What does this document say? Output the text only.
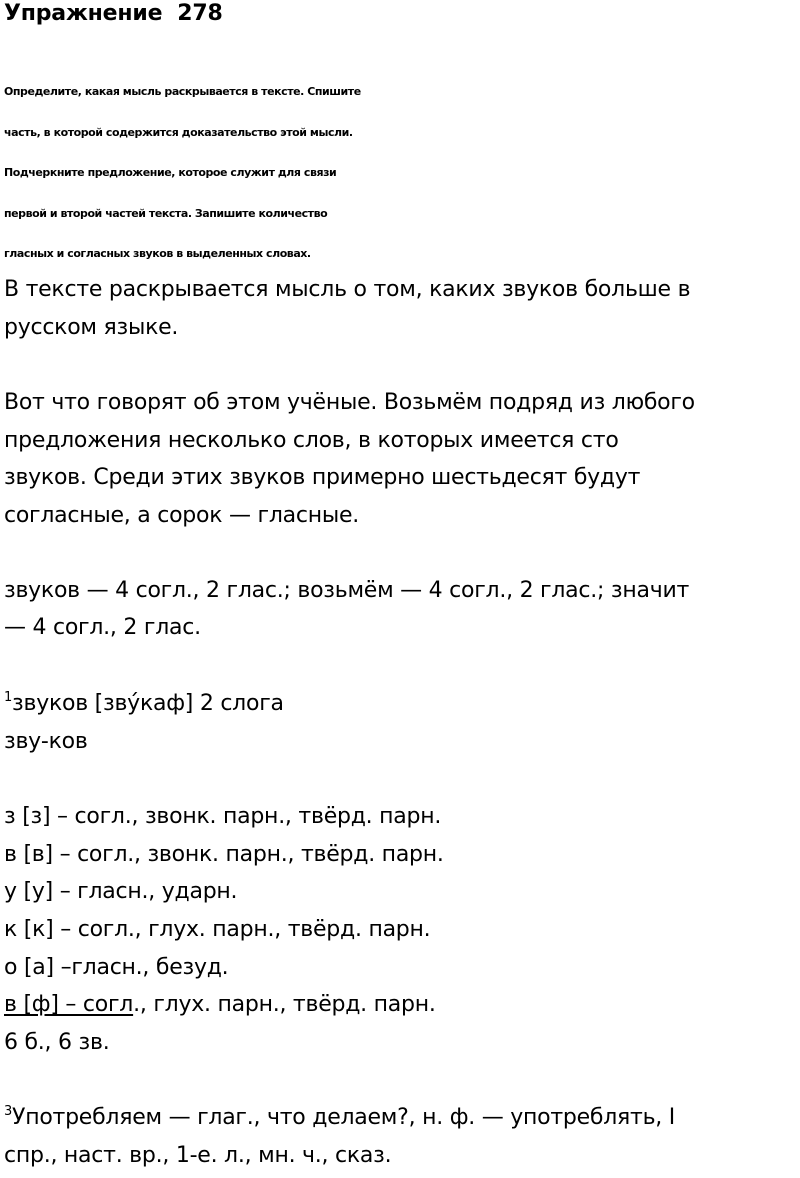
Упражнение  278
Определите, какая мысль раскрывается в тексте. Спишите
часть, в которой содержится доказательство этой мысли.
Подчеркните предложение, которое служит для связи
первой и второй частей текста. Запишите количество
гласных и согласных звуков в выделенных словах.
В тексте раскрывается мысль о том, каких звуков больше в
русском языке.
Вот что говорят об этом учёные. Возьмём подряд из любого
предложения несколько слов, в которых имеется сто
звуков. Среди этих звуков примерно шестьдесят будут
согласные, а сорок — гласные.
звуков — 4 согл., 2 глас.; возьмём — 4 согл., 2 глас.; значит
— 4 согл., 2 глас.
$^1$звуков [зву́каф] 2 слога
зву-ков
з [з] – согл., звонк. парн., твёрд. парн.
в [в] – согл., звонк. парн., твёрд. парн.
у [у] – гласн., ударн.
к [к] – согл., глух. парн., твёрд. парн.
о [а] –гласн., безуд.
в [ф] – согл., глух. парн., твёрд. парн.
6 б., 6 зв.
$^3$Употребляем — глаг., что делаем?, н. ф. — употреблять, I
спр., наст. вр., 1-е. л., мн. ч., сказ.
